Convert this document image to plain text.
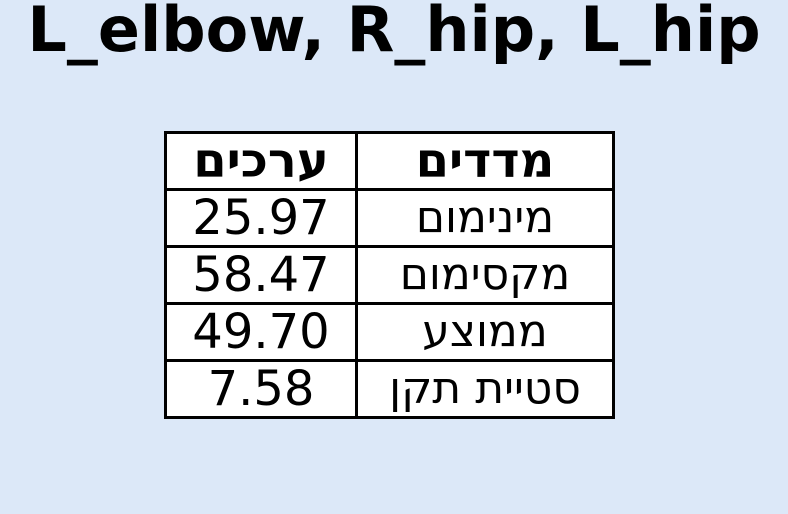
L_elbow, R_hip, L_hip
ערכים	מדדים
25.97	מינימום
58.47	מקסימום
49.70	ממוצע
7.58	סטיית תקן
